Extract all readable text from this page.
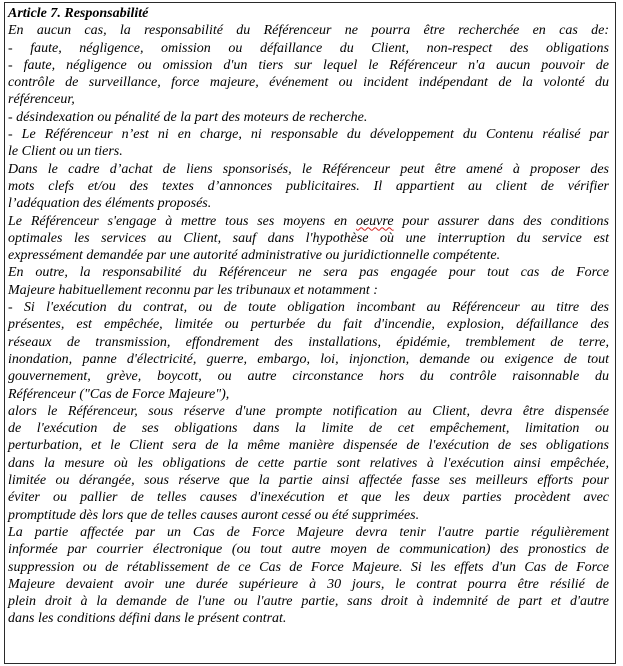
Article 7. Responsabilité
En aucun cas, la responsabilité du Référenceur ne pourra être recherchée en cas de:
- faute, négligence, omission ou défaillance du Client, non-respect des obligations
- faute, négligence ou omission d'un tiers sur lequel le Référenceur n'a aucun pouvoir de
contrôle de surveillance, force majeure, événement ou incident indépendant de la volonté du
référenceur,
- désindexation ou pénalité de la part des moteurs de recherche.
- Le Référenceur n’est ni en charge, ni responsable du développement du Contenu réalisé par
le Client ou un tiers.
Dans le cadre d’achat de liens sponsorisés, le Référenceur peut être amené à proposer des
mots clefs et/ou des textes d’annonces publicitaires. Il appartient au client de vérifier
l’adéquation des éléments proposés.
Le Référenceur s'engage à mettre tous ses moyens en oeuvre pour assurer dans des conditions
optimales les services au Client, sauf dans l'hypothèse où une interruption du service est
expressément demandée par une autorité administrative ou juridictionnelle compétente.
En outre, la responsabilité du Référenceur ne sera pas engagée pour tout cas de Force
Majeure habituellement reconnu par les tribunaux et notamment :
- Si l'exécution du contrat, ou de toute obligation incombant au Référenceur au titre des
présentes, est empêchée, limitée ou perturbée du fait d'incendie, explosion, défaillance des
réseaux de transmission, effondrement des installations, épidémie, tremblement de terre,
inondation, panne d'électricité, guerre, embargo, loi, injonction, demande ou exigence de tout
gouvernement, grève, boycott, ou autre circonstance hors du contrôle raisonnable du
Référenceur ("Cas de Force Majeure"),
alors le Référenceur, sous réserve d'une prompte notification au Client, devra être dispensée
de l'exécution de ses obligations dans la limite de cet empêchement, limitation ou
perturbation, et le Client sera de la même manière dispensée de l'exécution de ses obligations
dans la mesure où les obligations de cette partie sont relatives à l'exécution ainsi empêchée,
limitée ou dérangée, sous réserve que la partie ainsi affectée fasse ses meilleurs efforts pour
éviter ou pallier de telles causes d'inexécution et que les deux parties procèdent avec
promptitude dès lors que de telles causes auront cessé ou été supprimées.
La partie affectée par un Cas de Force Majeure devra tenir l'autre partie régulièrement
informée par courrier électronique (ou tout autre moyen de communication) des pronostics de
suppression ou de rétablissement de ce Cas de Force Majeure. Si les effets d'un Cas de Force
Majeure devaient avoir une durée supérieure à 30 jours, le contrat pourra être résilié de
plein droit à la demande de l'une ou l'autre partie, sans droit à indemnité de part et d'autre
dans les conditions défini dans le présent contrat.
